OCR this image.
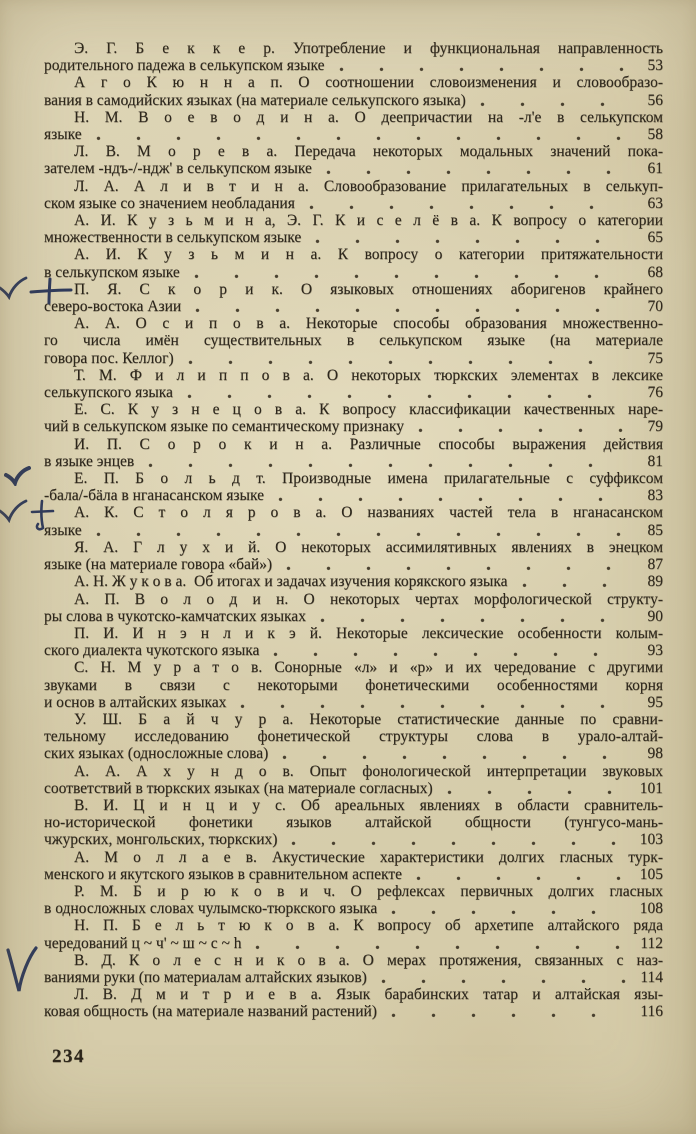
Э. Г. Б е к к е р. Употребление и функциональная направленность
родительного падежа в селькупском языке	53
А г о К ю н н а п. О соотношении словоизменения и словообразо-
вания в самодийских языках (на материале селькупского языка)	56
Н. М. В о е в о д и н а. О деепричастии на -л'е в селькупском
языке	58
Л. В. М о р е в а. Передача некоторых модальных значений пока-
зателем -ндъ-/-ндж' в селькупском языке	61
Л. А. А л и в т и н а. Словообразование прилагательных в селькуп-
ском языке со значением необладания	63
А. И. К у з ь м и н а, Э. Г. К и с е л ё в а. К вопросу о категории
множественности в селькупском языке	65
А. И. К у з ь м и н а. К вопросу о категории притяжательности
в селькупском языке	68
П. Я. С к о р и к. О языковых отношениях аборигенов крайнего
северо-востока Азии	70
А. А. О с и п о в а. Некоторые способы образования множественно-
го числа имён существительных в селькупском языке (на материале
говора пос. Келлог)	75
Т. М. Ф и л и п п о в а. О некоторых тюркских элементах в лексике
селькупского языка	76
Е. С. К у з н е ц о в а. К вопросу классификации качественных наре-
чий в селькупском языке по семантическому признаку	79
И. П. С о р о к и н а. Различные способы выражения действия
в языке энцев	81
Е. П. Б о л ь д т. Производные имена прилагательные с суффиксом
-бала/-бäла в нганасанском языке	83
А. К. С т о л я р о в а. О названиях частей тела в нганасанском
языке	85
Я. А. Г л у х и й. О некоторых ассимилятивных явлениях в энецком
языке (на материале говора «бай»)	87
А. Н. Ж у к о в а.  Об итогах и задачах изучения корякского языка	89
А. П. В о л о д и н. О некоторых чертах морфологической структу-
ры слова в чукотско-камчатских языках	90
П. И. И н э н л и к э й. Некоторые лексические особенности колым-
ского диалекта чукотского языка	93
С. Н. М у р а т о в. Сонорные «л» и «р» и их чередование с другими
звуками в связи с некоторыми фонетическими особенностями корня
и основ в алтайских языках	95
У. Ш. Б а й ч у р а. Некоторые статистические данные по сравни-
тельному исследованию фонетической структуры слова в урало-алтай-
ских языках (односложные слова)	98
А. А. А х у н д о в. Опыт фонологической интерпретации звуковых
соответствий в тюркских языках (на материале согласных)	101
В. И. Ц и н ц и у с. Об ареальных явлениях в области сравнитель-
но-исторической фонетики языков алтайской общности (тунгусо-мань-
чжурских, монгольских, тюркских)	103
А. М о л л а е в. Акустические характеристики долгих гласных турк-
менского и якутского языков в сравнительном аспекте	105
Р. М. Б и р ю к о в и ч. О рефлексах первичных долгих гласных
в односложных словах чулымско-тюркского языка	108
Н. П. Б е л ь т ю к о в а. К вопросу об архетипе алтайского ряда
чередований ц ~ ч' ~ ш ~ с ~ h	112
В. Д. К о л е с н и к о в а. О мерах протяжения, связанных с наз-
ваниями руки (по материалам алтайских языков)	114
Л. В. Д м и т р и е в а. Язык барабинских татар и алтайская язы-
ковая общность (на материале названий растений)	116
234
